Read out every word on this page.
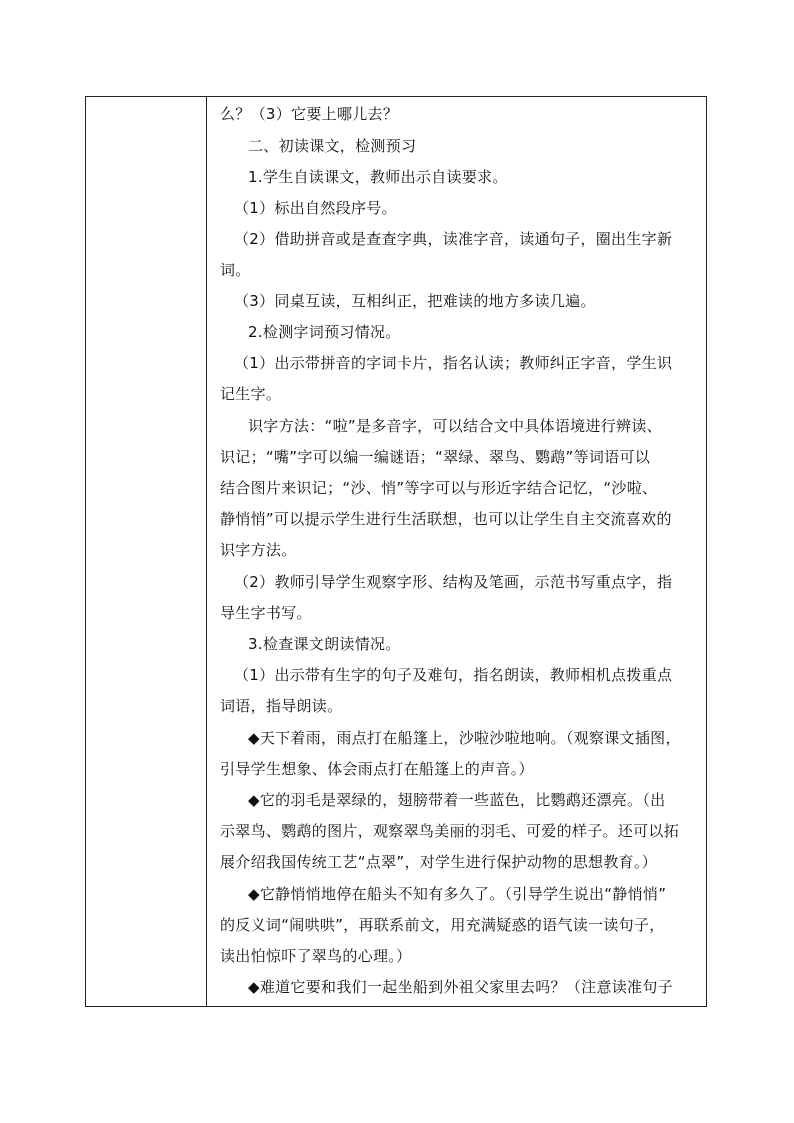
么？（3）它要上哪儿去？
二、初读课文，检测预习
1.学生自读课文，教师出示自读要求。
（1）标出自然段序号。
（2）借助拼音或是查查字典，读准字音，读通句子，圈出生字新
词。
（3）同桌互读，互相纠正，把难读的地方多读几遍。
2.检测字词预习情况。
（1）出示带拼音的字词卡片，指名认读；教师纠正字音，学生识
记生字。
识字方法：“啦”是多音字，可以结合文中具体语境进行辨读、
识记；“嘴”字可以编一编谜语；“翠绿、翠鸟、鹦鹉”等词语可以
结合图片来识记；“沙、悄”等字可以与形近字结合记忆，“沙啦、
静悄悄”可以提示学生进行生活联想，也可以让学生自主交流喜欢的
识字方法。
（2）教师引导学生观察字形、结构及笔画，示范书写重点字，指
导生字书写。
3.检查课文朗读情况。
（1）出示带有生字的句子及难句，指名朗读，教师相机点拨重点
词语，指导朗读。
◆天下着雨，雨点打在船篷上，沙啦沙啦地响。（观察课文插图，
引导学生想象、体会雨点打在船篷上的声音。）
◆它的羽毛是翠绿的，翅膀带着一些蓝色，比鹦鹉还漂亮。（出
示翠鸟、鹦鹉的图片，观察翠鸟美丽的羽毛、可爱的样子。还可以拓
展介绍我国传统工艺“点翠”，对学生进行保护动物的思想教育。）
◆它静悄悄地停在船头不知有多久了。（引导学生说出“静悄悄”
的反义词“闹哄哄”，再联系前文，用充满疑惑的语气读一读句子，
读出怕惊吓了翠鸟的心理。）
◆难道它要和我们一起坐船到外祖父家里去吗？（注意读准句子
